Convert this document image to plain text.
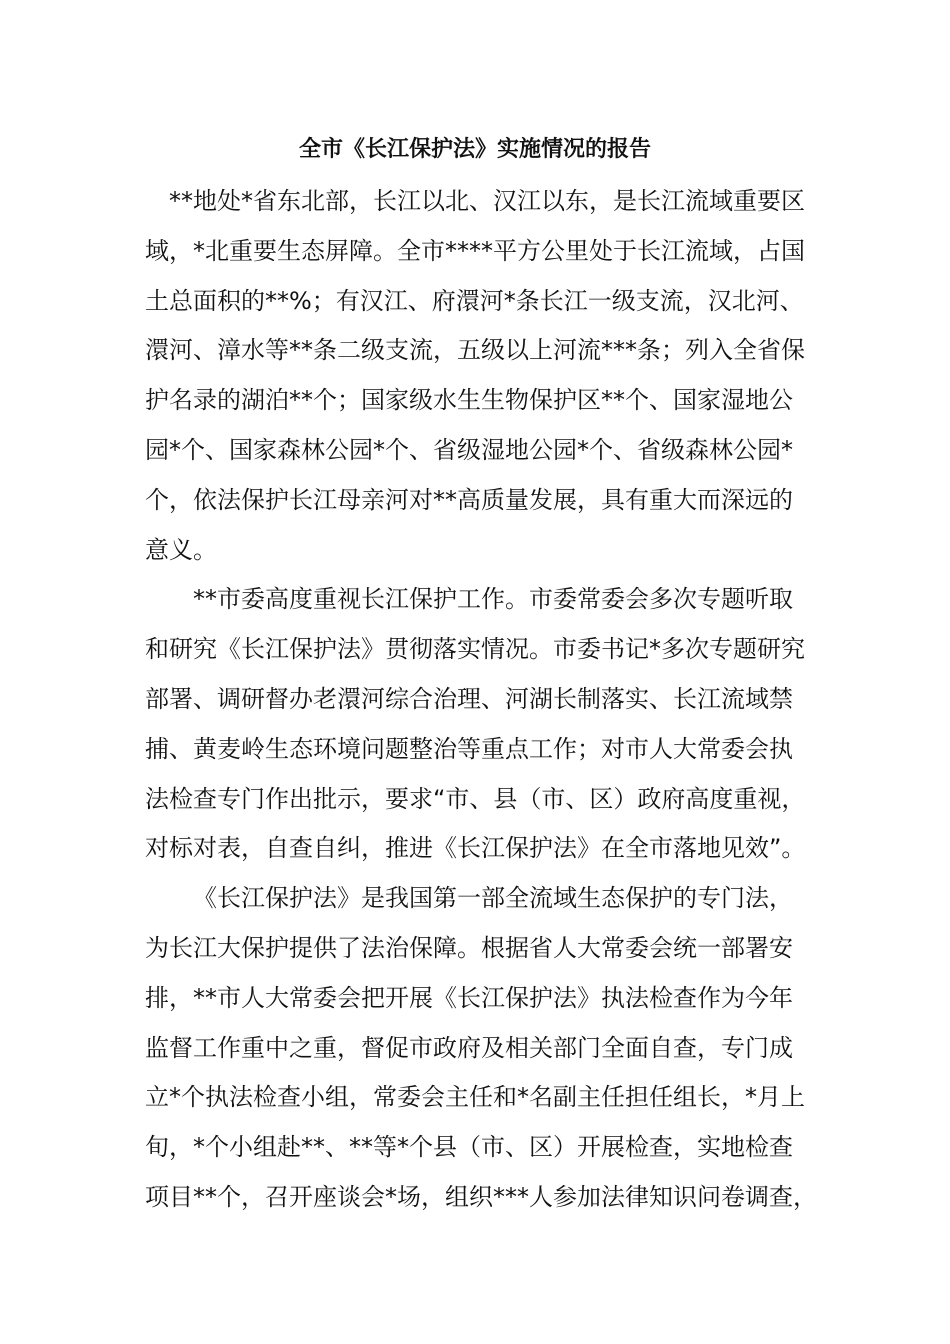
全市《长江保护法》实施情况的报告
**地处*省东北部，长江以北、汉江以东，是长江流域重要区
域，*北重要生态屏障。全市****平方公里处于长江流域，占国
土总面积的**%；有汉江、府澴河*条长江一级支流，汉北河、
澴河、漳水等**条二级支流，五级以上河流***条；列入全省保
护名录的湖泊**个；国家级水生生物保护区**个、国家湿地公
园*个、国家森林公园*个、省级湿地公园*个、省级森林公园*
个，依法保护长江母亲河对**高质量发展，具有重大而深远的
意义。
**市委高度重视长江保护工作。市委常委会多次专题听取
和研究《长江保护法》贯彻落实情况。市委书记*多次专题研究
部署、调研督办老澴河综合治理、河湖长制落实、长江流域禁
捕、黄麦岭生态环境问题整治等重点工作；对市人大常委会执
法检查专门作出批示，要求“市、县（市、区）政府高度重视，
对标对表，自查自纠，推进《长江保护法》在全市落地见效”。
《长江保护法》是我国第一部全流域生态保护的专门法，
为长江大保护提供了法治保障。根据省人大常委会统一部署安
排，**市人大常委会把开展《长江保护法》执法检查作为今年
监督工作重中之重，督促市政府及相关部门全面自查，专门成
立*个执法检查小组，常委会主任和*名副主任担任组长，*月上
旬，*个小组赴**、**等*个县（市、区）开展检查，实地检查
项目**个，召开座谈会*场，组织***人参加法律知识问卷调查，
